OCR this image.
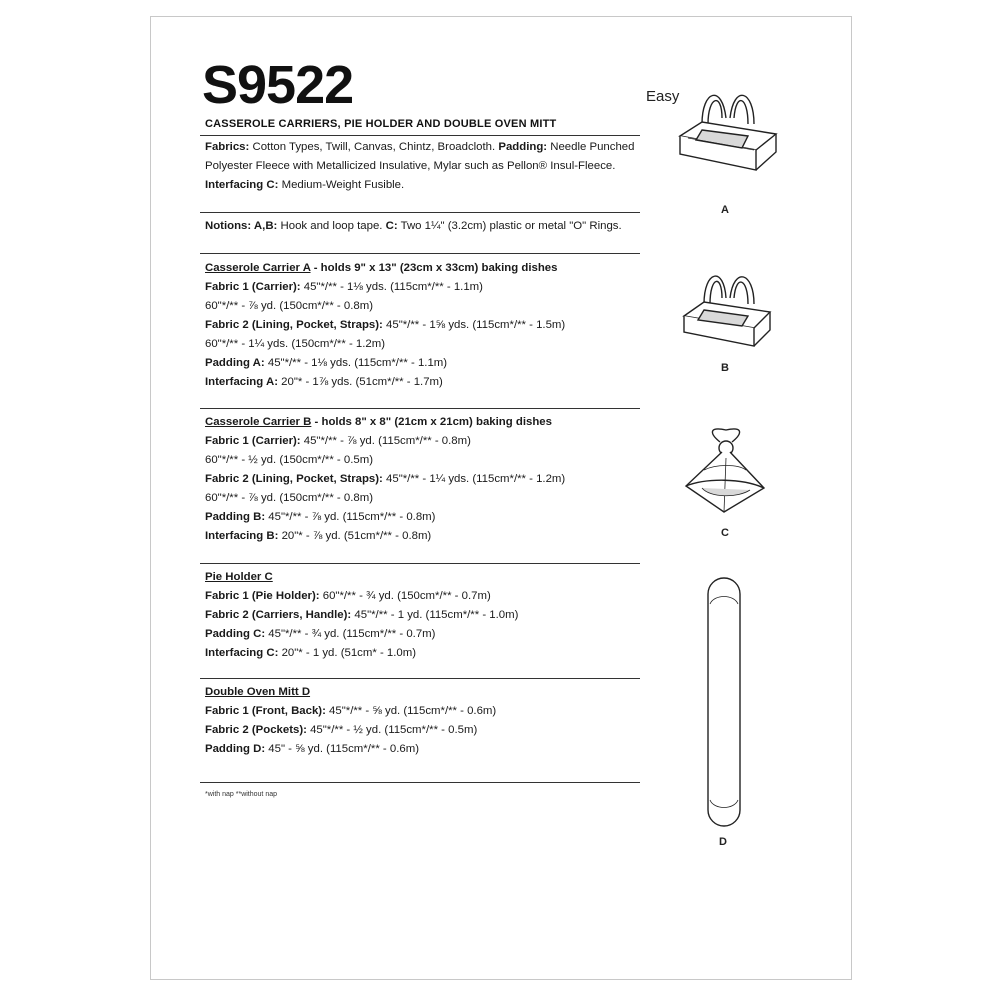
S9522	Easy
CASSEROLE CARRIERS, PIE HOLDER AND DOUBLE OVEN MITT

Fabrics: Cotton Types, Twill, Canvas, Chintz, Broadcloth. Padding: Needle Punched

Polyester Fleece with Metallicized Insulative, Mylar such as Pellon® Insul-Fleece.

Interfacing C: Medium-Weight Fusible.

Notions: A,B: Hook and loop tape. C: Two 1¼" (3.2cm) plastic or metal "O" Rings.

Casserole Carrier A - holds 9" x 13" (23cm x 33cm) baking dishes

Fabric 1 (Carrier): 45"*/** - 1⅛ yds. (115cm*/** - 1.1m)

60"*/** - ⅞ yd. (150cm*/** - 0.8m)

Fabric 2 (Lining, Pocket, Straps): 45"*/** - 1⅝ yds. (115cm*/** - 1.5m)

60"*/** - 1¼ yds. (150cm*/** - 1.2m)

Padding A: 45"*/** - 1⅛ yds. (115cm*/** - 1.1m)

Interfacing A: 20"* - 1⅞ yds. (51cm*/** - 1.7m)

Casserole Carrier B - holds 8" x 8" (21cm x 21cm) baking dishes

Fabric 1 (Carrier): 45"*/** - ⅞ yd. (115cm*/** - 0.8m)

60"*/** - ½ yd. (150cm*/** - 0.5m)

Fabric 2 (Lining, Pocket, Straps): 45"*/** - 1¼ yds. (115cm*/** - 1.2m)

60"*/** - ⅞ yd. (150cm*/** - 0.8m)

Padding B: 45"*/** - ⅞ yd. (115cm*/** - 0.8m)

Interfacing B: 20"* - ⅞ yd. (51cm*/** - 0.8m)

Pie Holder C

Fabric 1 (Pie Holder): 60"*/** - ¾ yd. (150cm*/** - 0.7m)

Fabric 2 (Carriers, Handle): 45"*/** - 1 yd. (115cm*/** - 1.0m)

Padding C: 45"*/** - ¾ yd. (115cm*/** - 0.7m)

Interfacing C: 20"* - 1 yd. (51cm* - 1.0m)

Double Oven Mitt D

Fabric 1 (Front, Back): 45"*/** - ⅝ yd. (115cm*/** - 0.6m)

Fabric 2 (Pockets): 45"*/** - ½ yd. (115cm*/** - 0.5m)

Padding D: 45" - ⅝ yd. (115cm*/** - 0.6m)

*with nap **without nap
A
B
C
D
